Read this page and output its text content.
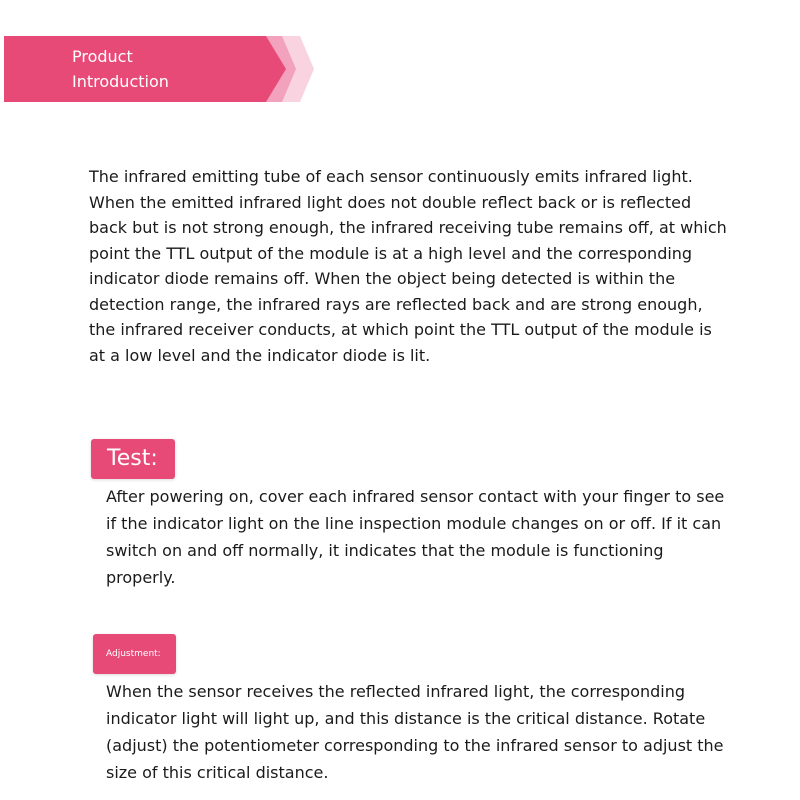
Product
Introduction

The infrared emitting tube of each sensor continuously emits infrared light. When the emitted infrared light does not double reflect back or is reflected back but is not strong enough, the infrared receiving tube remains off, at which point the TTL output of the module is at a high level and the corresponding indicator diode remains off. When the object being detected is within the detection range, the infrared rays are reflected back and are strong enough, the infrared receiver conducts, at which point the TTL output of the module is at a low level and the indicator diode is lit.

Test:

After powering on, cover each infrared sensor contact with your finger to see if the indicator light on the line inspection module changes on or off. If it can switch on and off normally, it indicates that the module is functioning properly.

Adjustment:

When the sensor receives the reflected infrared light, the corresponding indicator light will light up, and this distance is the critical distance. Rotate (adjust) the potentiometer corresponding to the infrared sensor to adjust the size of this critical distance.
